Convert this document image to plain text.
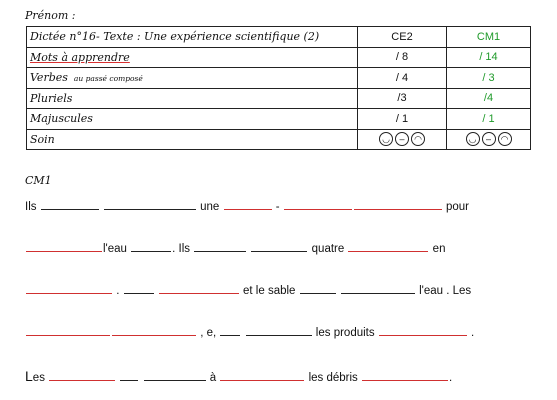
Prénom :
Dictée n°16- Texte : Une expérience scientifique (2)	CE2	CM1
Mots à apprendre	/ 8	/ 14
Verbes au passé composé	/ 4	/ 3
Pluriels	/3	/4
Majuscules	/ 1	/ 1
Soin	◡ – ◠	◡ – ◠
CM1
Ils	une	-	pour
l'eau	. Ils	quatre	en
.	et le sable	l'eau . Les
, e,	les produits	.
Les	à	les débris	.
